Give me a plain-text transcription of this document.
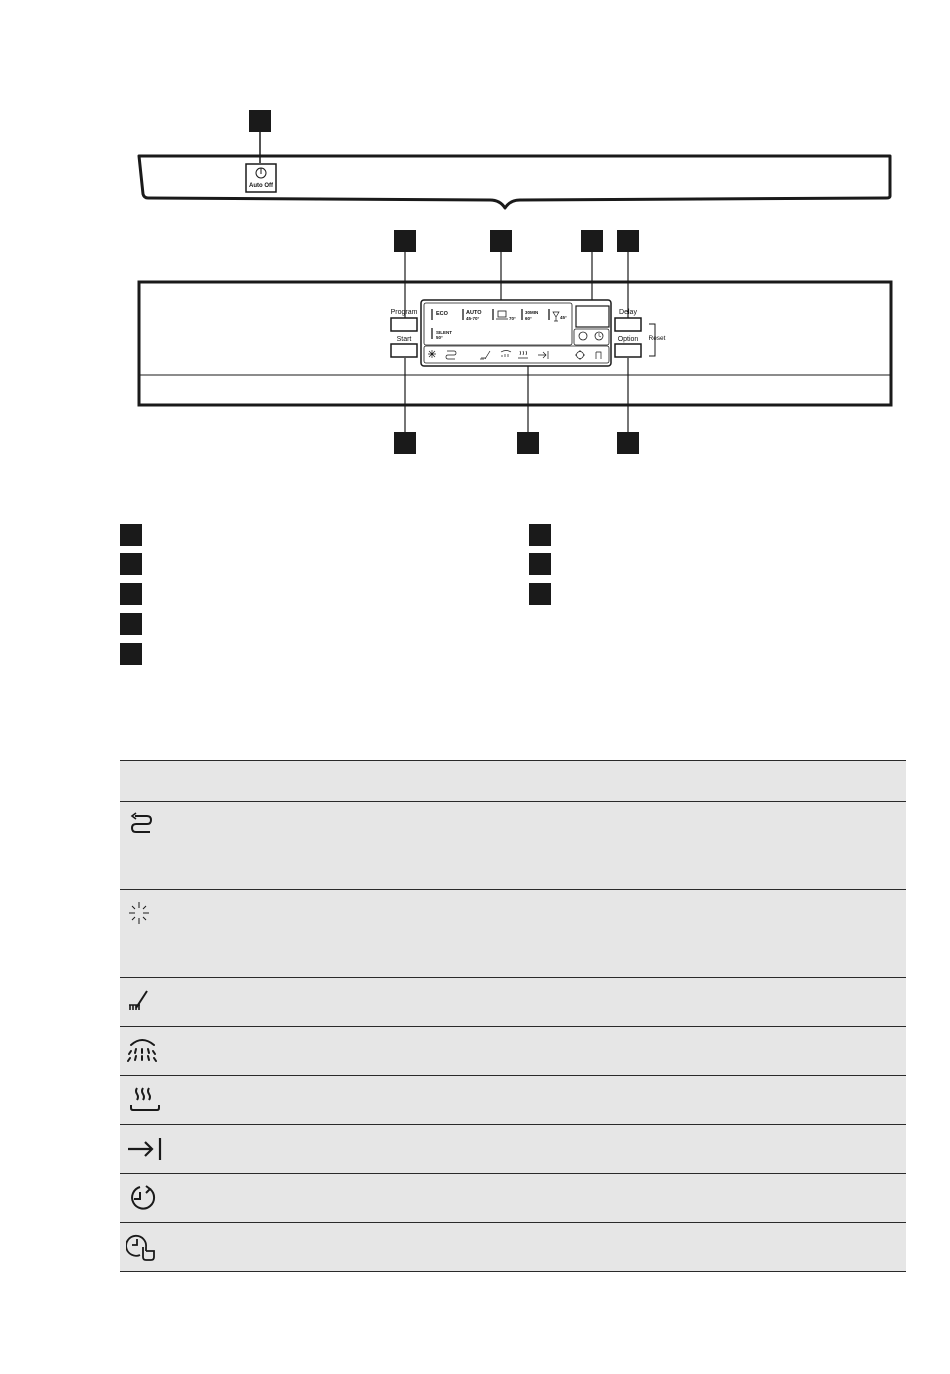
Auto Off
Program
Start
Delay
Option	Reset
ECO	AUTO
45-70°	70°
30MIN
60°	45°
SILENT
50°
